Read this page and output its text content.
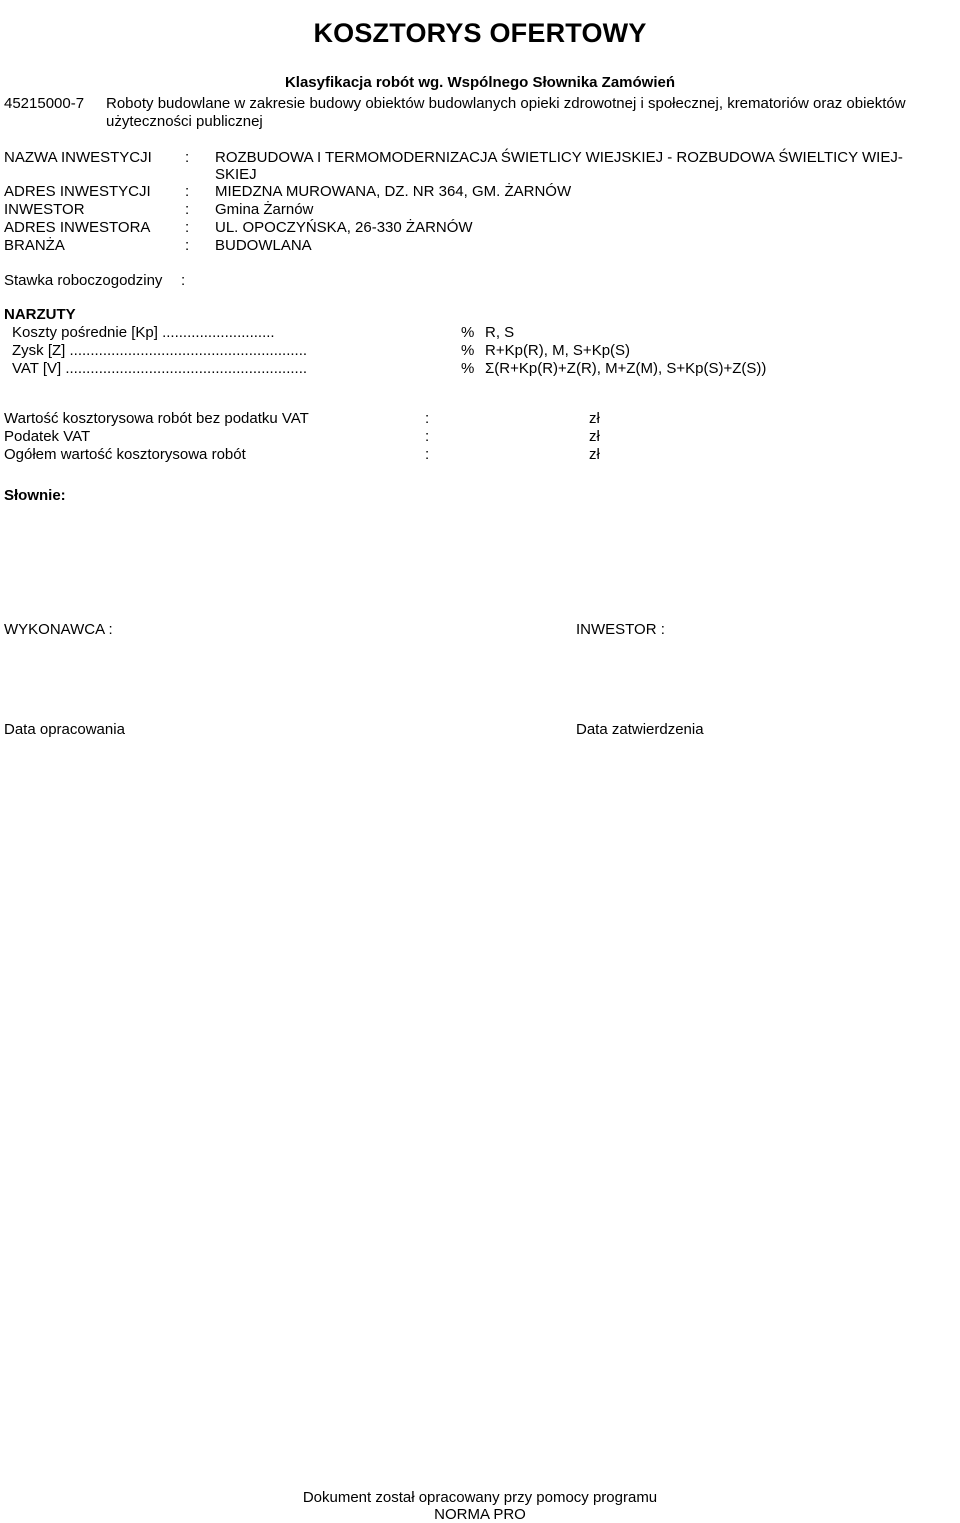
KOSZTORYS OFERTOWY
Klasyfikacja robót wg. Wspólnego Słownika Zamówień
45215000-7 Roboty budowlane w zakresie budowy obiektów budowlanych opieki zdrowotnej i społecznej, krematoriów oraz obiektów
użyteczności publicznej
NAZWA INWESTYCJI : ROZBUDOWA I TERMOMODERNIZACJA ŚWIETLICY WIEJSKIEJ - ROZBUDOWA ŚWIELTICY WIEJ-
SKIEJ
ADRES INWESTYCJI : MIEDZNA MUROWANA, DZ. NR 364, GM. ŻARNÓW
INWESTOR	: Gmina Żarnów
ADRES INWESTORA : UL. OPOCZYŃSKA, 26-330 ŻARNÓW
BRANŻA	: BUDOWLANA
Stawka roboczogodziny :
NARZUTY
Koszty pośrednie [Kp] ...........................	% R, S
Zysk [Z] .........................................................	% R+Kp(R), M, S+Kp(S)
VAT [V] ..........................................................	% Σ(R+Kp(R)+Z(R), M+Z(M), S+Kp(S)+Z(S))
Wartość kosztorysowa robót bez podatku VAT	:	zł
Podatek VAT	:	zł
Ogółem wartość kosztorysowa robót	:	zł
Słownie:
WYKONAWCA :	INWESTOR :
Data opracowania	Data zatwierdzenia
Dokument został opracowany przy pomocy programu
NORMA PRO
